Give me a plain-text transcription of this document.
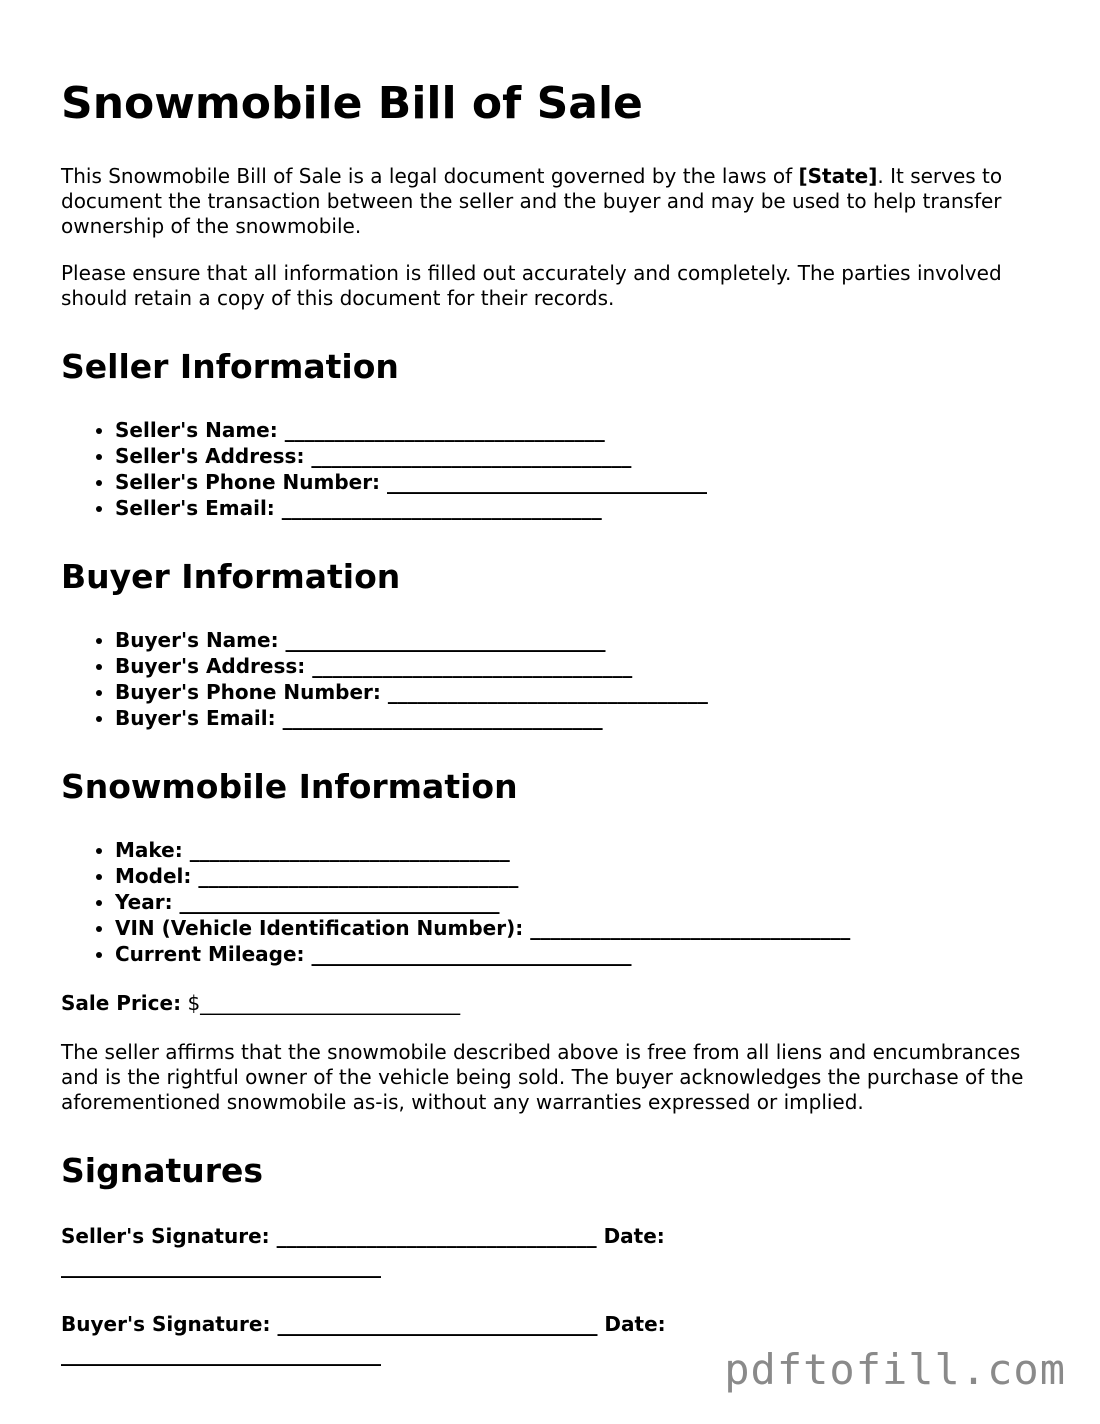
Snowmobile Bill of Sale

This Snowmobile Bill of Sale is a legal document governed by the laws of [State]. It serves to document the transaction between the seller and the buyer and may be used to help transfer ownership of the snowmobile.

Please ensure that all information is filled out accurately and completely. The parties involved should retain a copy of this document for their records.

Seller Information
• Seller's Name: ________________________________
• Seller's Address: ________________________________
• Seller's Phone Number: ________________________________
• Seller's Email: ________________________________
Buyer Information
• Buyer's Name: ________________________________
• Buyer's Address: ________________________________
• Buyer's Phone Number: ________________________________
• Buyer's Email: ________________________________
Snowmobile Information
• Make: ________________________________
• Model: ________________________________
• Year: ________________________________
• VIN (Vehicle Identification Number): ________________________________
• Current Mileage: ________________________________

Sale Price: $__________________________

The seller affirms that the snowmobile described above is free from all liens and encumbrances and is the rightful owner of the vehicle being sold. The buyer acknowledges the purchase of the aforementioned snowmobile as-is, without any warranties expressed or implied.

Signatures
Seller's Signature: ________________________________ Date:
________________________________
Buyer's Signature: ________________________________ Date:
________________________________	pdftofill.com
